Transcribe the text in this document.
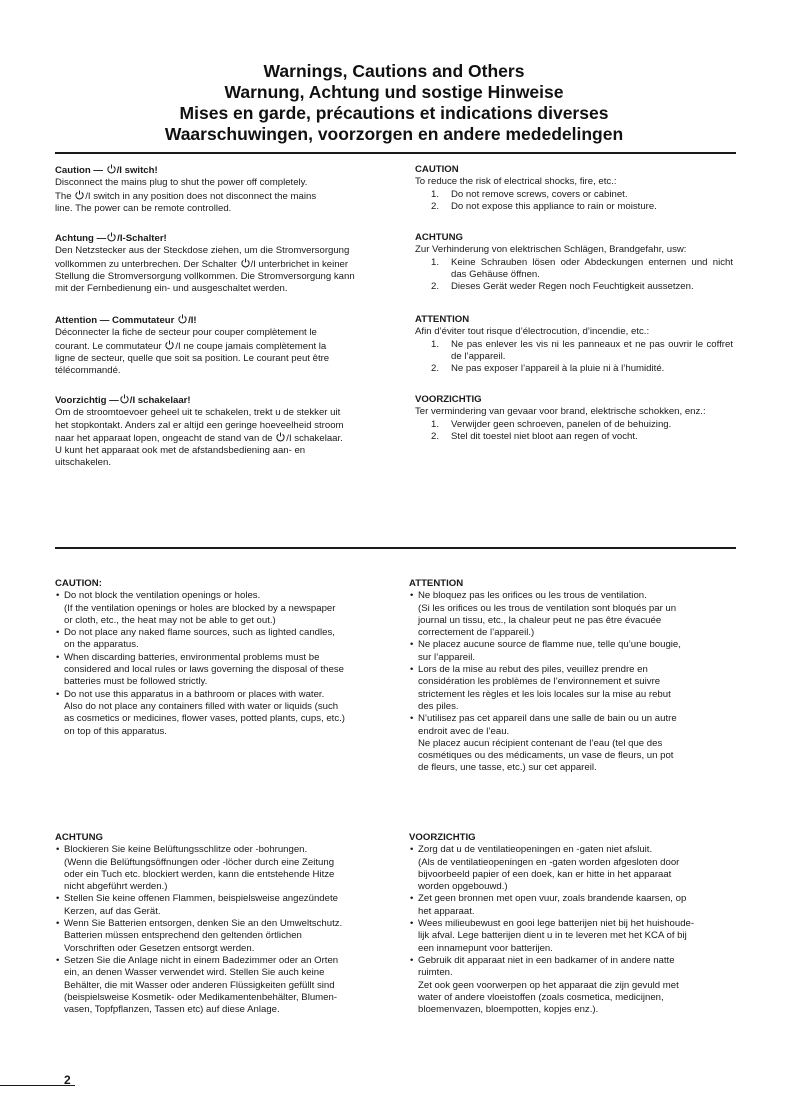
Warnings, Cautions and Others
Warnung, Achtung und sostige Hinweise
Mises en garde, précautions et indications diverses
Waarschuwingen, voorzorgen en andere mededelingen
Caution — /I switch!
Disconnect the mains plug to shut the power off completely.
The /I switch in any position does not disconnect the mains
line. The power can be remote controlled.
Achtung — /I-Schalter!
Den Netzstecker aus der Steckdose ziehen, um die Stromversorgung
vollkommen zu unterbrechen. Der Schalter /I unterbrichet in keiner
Stellung die Stromversorgung vollkommen. Die Stromversorgung kann
mit der Fernbedienung ein- und ausgeschaltet werden.
Attention — Commutateur /I!
Déconnecter la fiche de secteur pour couper complètement le
courant. Le commutateur /I ne coupe jamais complètement la
ligne de secteur, quelle que soit sa position. Le courant peut être
télécommandé.
Voorzichtig — /I schakelaar!
Om de stroomtoevoer geheel uit te schakelen, trekt u de stekker uit
het stopkontakt. Anders zal er altijd een geringe hoeveelheid stroom
naar het apparaat lopen, ongeacht de stand van de /I schakelaar.
U kunt het apparaat ook met de afstandsbediening aan- en
uitschakelen.
CAUTION
To reduce the risk of electrical shocks, fire, etc.:
1. Do not remove screws, covers or cabinet.
2. Do not expose this appliance to rain or moisture.
ACHTUNG
Zur Verhinderung von elektrischen Schlägen, Brandgefahr, usw:
1. Keine Schrauben lösen oder Abdeckungen enternen und nicht das Gehäuse öffnen.
2. Dieses Gerät weder Regen noch Feuchtigkeit aussetzen.
ATTENTION
Afin d’éviter tout risque d’électrocution, d’incendie, etc.:
1. Ne pas enlever les vis ni les panneaux et ne pas ouvrir le coffret de l’appareil.
2. Ne pas exposer l’appareil à la pluie ni à l’humidité.
VOORZICHTIG
Ter vermindering van gevaar voor brand, elektrische schokken, enz.:
1. Verwijder geen schroeven, panelen of de behuizing.
2. Stel dit toestel niet bloot aan regen of vocht.
CAUTION:
• Do not block the ventilation openings or holes.
(If the ventilation openings or holes are blocked by a newspaper
or cloth, etc., the heat may not be able to get out.)
• Do not place any naked flame sources, such as lighted candles,
on the apparatus.
• When discarding batteries, environmental problems must be
considered and local rules or laws governing the disposal of these
batteries must be followed strictly.
• Do not use this apparatus in a bathroom or places with water.
Also do not place any containers filled with water or liquids (such
as cosmetics or medicines, flower vases, potted plants, cups, etc.)
on top of this apparatus.
ATTENTION
• Ne bloquez pas les orifices ou les trous de ventilation.
(Si les orifices ou les trous de ventilation sont bloqués par un
journal un tissu, etc., la chaleur peut ne pas être évacuée
correctement de l’appareil.)
• Ne placez aucune source de flamme nue, telle qu’une bougie,
sur l’appareil.
• Lors de la mise au rebut des piles, veuillez prendre en
considération les problèmes de l’environnement et suivre
strictement les règles et les lois locales sur la mise au rebut
des piles.
• N’utilisez pas cet appareil dans une salle de bain ou un autre
endroit avec de l’eau.
Ne placez aucun récipient contenant de l’eau (tel que des
cosmétiques ou des médicaments, un vase de fleurs, un pot
de fleurs, une tasse, etc.) sur cet appareil.
ACHTUNG
• Blockieren Sie keine Belüftungsschlitze oder -bohrungen.
(Wenn die Belüftungsöffnungen oder -löcher durch eine Zeitung
oder ein Tuch etc. blockiert werden, kann die entstehende Hitze
nicht abgeführt werden.)
• Stellen Sie keine offenen Flammen, beispielsweise angezündete
Kerzen, auf das Gerät.
• Wenn Sie Batterien entsorgen, denken Sie an den Umweltschutz.
Batterien müssen entsprechend den geltenden örtlichen
Vorschriften oder Gesetzen entsorgt werden.
• Setzen Sie die Anlage nicht in einem Badezimmer oder an Orten
ein, an denen Wasser verwendet wird. Stellen Sie auch keine
Behälter, die mit Wasser oder anderen Flüssigkeiten gefüllt sind
(beispielsweise Kosmetik- oder Medikamentenbehälter, Blumen-
vasen, Topfpflanzen, Tassen etc) auf diese Anlage.
VOORZICHTIG
• Zorg dat u de ventilatieopeningen en -gaten niet afsluit.
(Als de ventilatieopeningen en -gaten worden afgesloten door
bijvoorbeeld papier of een doek, kan er hitte in het apparaat
worden opgebouwd.)
• Zet geen bronnen met open vuur, zoals brandende kaarsen, op
het apparaat.
• Wees milieubewust en gooi lege batterijen niet bij het huishoude-
lijk afval. Lege batterijen dient u in te leveren met het KCA of bij
een innamepunt voor batterijen.
• Gebruik dit apparaat niet in een badkamer of in andere natte
ruimten.
Zet ook geen voorwerpen op het apparaat die zijn gevuld met
water of andere vloeistoffen (zoals cosmetica, medicijnen,
bloemenvazen, bloempotten, kopjes enz.).
2
